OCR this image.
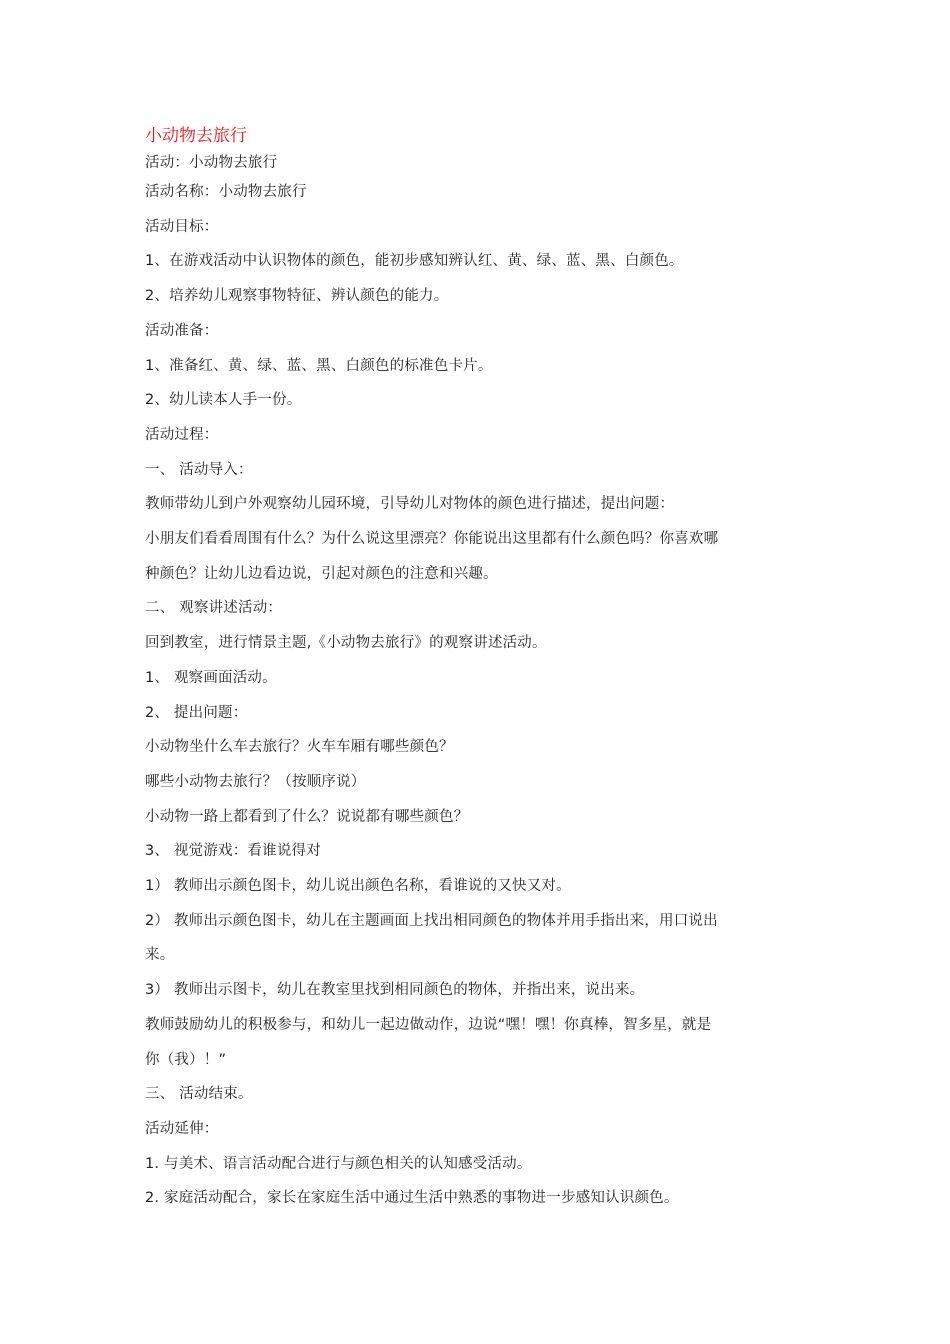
小动物去旅行
活动：小动物去旅行
活动名称：小动物去旅行
活动目标：
1、在游戏活动中认识物体的颜色，能初步感知辨认红、黄、绿、蓝、黑、白颜色。
2、培养幼儿观察事物特征、辨认颜色的能力。
活动准备：
1、准备红、黄、绿、蓝、黑、白颜色的标准色卡片。
2、幼儿读本人手一份。
活动过程：
一、 活动导入：
教师带幼儿到户外观察幼儿园环境，引导幼儿对物体的颜色进行描述，提出问题：
小朋友们看看周围有什么？为什么说这里漂亮？你能说出这里都有什么颜色吗？你喜欢哪
种颜色？让幼儿边看边说，引起对颜色的注意和兴趣。
二、 观察讲述活动：
回到教室，进行情景主题,《小动物去旅行》的观察讲述活动。
1、 观察画面活动。
2、 提出问题：
小动物坐什么车去旅行？火车车厢有哪些颜色？
哪些小动物去旅行？（按顺序说）
小动物一路上都看到了什么？说说都有哪些颜色？
3、 视觉游戏：看谁说得对
1） 教师出示颜色图卡，幼儿说出颜色名称，看谁说的又快又对。
2） 教师出示颜色图卡，幼儿在主题画面上找出相同颜色的物体并用手指出来，用口说出
来。
3） 教师出示图卡，幼儿在教室里找到相同颜色的物体，并指出来，说出来。
教师鼓励幼儿的积极参与，和幼儿一起边做动作，边说“嘿！嘿！你真棒，智多星，就是
你（我）！”
三、 活动结束。
活动延伸：
1. 与美术、语言活动配合进行与颜色相关的认知感受活动。
2. 家庭活动配合，家长在家庭生活中通过生活中熟悉的事物进一步感知认识颜色。
